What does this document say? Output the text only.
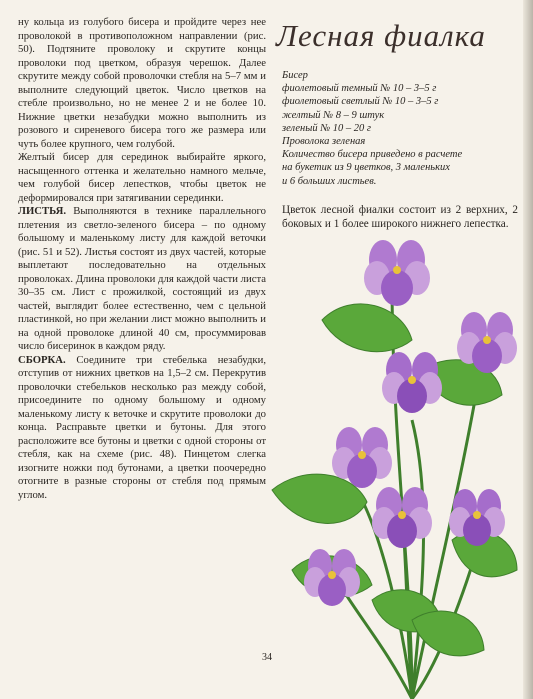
ну кольца из голубого бисера и пройдите через нее проволокой в противоположном направлении (рис. 50). Подтяните проволоку и скрутите концы проволоки под цветком, образуя черешок. Далее скрутите между собой проволочки стебля на 5–7 мм и выполните следующий цветок. Число цветков на стебле произвольно, но не менее 2 и не более 10. Нижние цветки незабудки можно выполнить из розового и сиреневого бисера того же размера или чуть более крупного, чем голубой.

Желтый бисер для серединок выбирайте яркого, насыщенного оттенка и желательно намного мельче, чем голубой бисер лепестков, чтобы цветок не деформировался при затягивании серединки.

ЛИСТЬЯ. Выполняются в технике параллельного плетения из светло-зеленого бисера – по одному большому и маленькому листу для каждой веточки (рис. 51 и 52). Листья состоят из двух частей, которые выплетают последовательно на отдельных проволоках. Длина проволоки для каждой части листа 30–35 см. Лист с прожилкой, состоящий из двух частей, выглядит более естественно, чем с цельной пластинкой, но при желании лист можно выполнить и на одной проволоке длиной 40 см, просуммировав число бисеринок в каждом ряду.

СБОРКА. Соедините три стебелька незабудки, отступив от нижних цветков на 1,5–2 см. Перекрутив проволочки стебельков несколько раз между собой, присоедините по одному большому и одному маленькому листу к веточке и скрутите проволоки до конца. Расправьте цветки и бутоны. Для этого расположите все бутоны и цветки с одной стороны от стебля, как на схеме (рис. 48). Пинцетом слегка изогните ножки под бутонами, а цветки поочередно отогните в разные стороны от стебля под прямым углом.

Лесная фиалка
Бисер
фиолетовый темный № 10 – 3–5 г
фиолетовый светлый № 10 – 3–5 г
желтый № 8 – 9 штук
зеленый № 10 – 20 г
Проволока зеленая
Количество бисера приведено в расчете
на букетик из 9 цветков, 3 маленьких
и 6 больших листьев.
Цветок лесной фиалки состоит из 2 верхних, 2 боковых и 1 более широкого нижнего лепестка.
34
